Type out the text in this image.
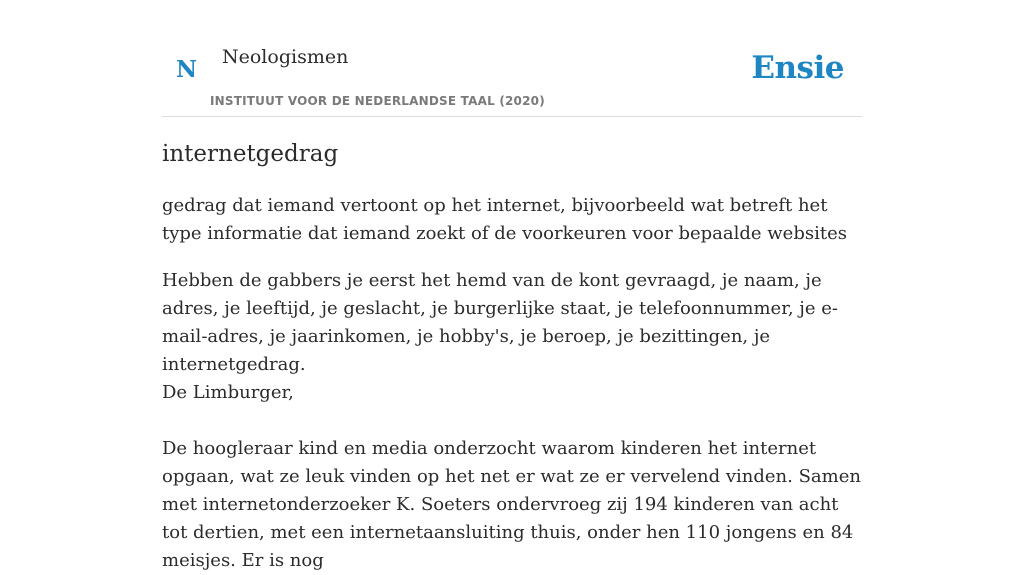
N Neologismen
INSTITUUT VOOR DE NEDERLANDSE TAAL (2020)
Ensie
internetgedrag

gedrag dat iemand vertoont op het internet, bijvoorbeeld wat betreft het type informatie dat iemand zoekt of de voorkeuren voor bepaalde websites

Hebben de gabbers je eerst het hemd van de kont gevraagd, je naam, je adres, je leeftijd, je geslacht, je burgerlijke staat, je telefoonnummer, je e-mail-adres, je jaarinkomen, je hobby's, je beroep, je bezittingen, je internetgedrag.

De Limburger,

De hoogleraar kind en media onderzocht waarom kinderen het internet opgaan, wat ze leuk vinden op het net er wat ze er vervelend vinden. Samen met internetonderzoeker K. Soeters ondervroeg zij 194 kinderen van acht tot dertien, met een internetaansluiting thuis, onder hen 110 jongens en 84 meisjes. Er is nog
